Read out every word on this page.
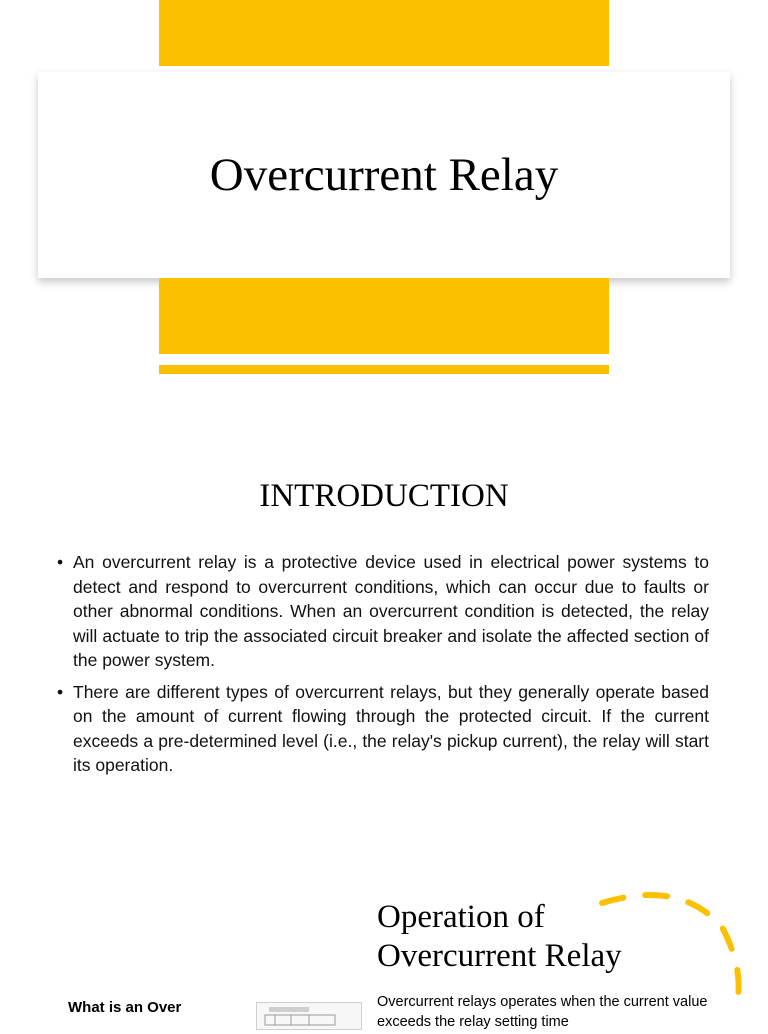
Overcurrent Relay
INTRODUCTION
• An overcurrent relay is a protective device used in electrical power systems to detect and respond to overcurrent conditions, which can occur due to faults or other abnormal conditions. When an overcurrent condition is detected, the relay will actuate to trip the associated circuit breaker and isolate the affected section of the power system.
• There are different types of overcurrent relays, but they generally operate based on the amount of current flowing through the protected circuit. If the current exceeds a pre-determined level (i.e., the relay's pickup current), the relay will start its operation.
What is an Over
Operation of Overcurrent Relay
Overcurrent relays operates when the current value exceeds the relay setting time
